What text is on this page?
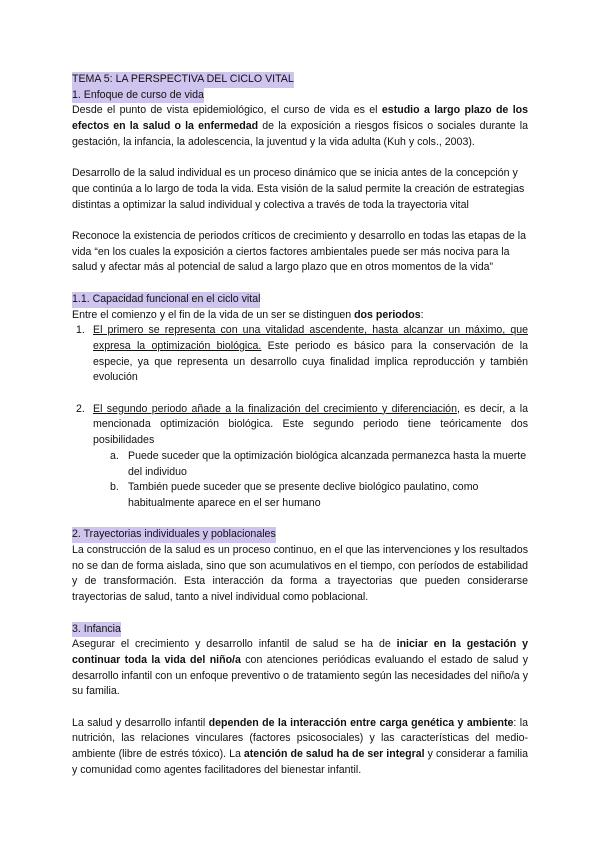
TEMA 5: LA PERSPECTIVA DEL CICLO VITAL
1. Enfoque de curso de vida

Desde el punto de vista epidemiológico, el curso de vida es el estudio a largo plazo de los efectos en la salud o la enfermedad de la exposición a riesgos físicos o sociales durante la gestación, la infancia, la adolescencia, la juventud y la vida adulta (Kuh y cols., 2003).

Desarrollo de la salud individual es un proceso dinámico que se inicia antes de la concepción y que continúa a lo largo de toda la vida. Esta visión de la salud permite la creación de estrategias distintas a optimizar la salud individual y colectiva a través de toda la trayectoria vital

Reconoce la existencia de periodos críticos de crecimiento y desarrollo en todas las etapas de la vida “en los cuales la exposición a ciertos factores ambientales puede ser más nociva para la salud y afectar más al potencial de salud a largo plazo que en otros momentos de la vida”

1.1. Capacidad funcional en el ciclo vital

Entre el comienzo y el fin de la vida de un ser se distinguen dos periodos:

1. El primero se representa con una vitalidad ascendente, hasta alcanzar un máximo, que expresa la optimización biológica. Este periodo es básico para la conservación de la especie, ya que representa un desarrollo cuya finalidad implica reproducción y también evolución
2. El segundo periodo añade a la finalización del crecimiento y diferenciación, es decir, a la mencionada optimización biológica. Este segundo periodo tiene teóricamente dos posibilidades
a. Puede suceder que la optimización biológica alcanzada permanezca hasta la muerte del individuo
b. También puede suceder que se presente declive biológico paulatino, como habitualmente aparece en el ser humano
2. Trayectorias individuales y poblacionales

La construcción de la salud es un proceso continuo, en el que las intervenciones y los resultados no se dan de forma aislada, sino que son acumulativos en el tiempo, con períodos de estabilidad y de transformación. Esta interacción da forma a trayectorias que pueden considerarse trayectorias de salud, tanto a nivel individual como poblacional.

3. Infancia

Asegurar el crecimiento y desarrollo infantil de salud se ha de iniciar en la gestación y continuar toda la vida del niño/a con atenciones periódicas evaluando el estado de salud y desarrollo infantil con un enfoque preventivo o de tratamiento según las necesidades del niño/a y su familia.

La salud y desarrollo infantil dependen de la interacción entre carga genética y ambiente: la nutrición, las relaciones vinculares (factores psicosociales) y las características del medio-ambiente (libre de estrés tóxico). La atención de salud ha de ser integral y considerar a familia y comunidad como agentes facilitadores del bienestar infantil.
